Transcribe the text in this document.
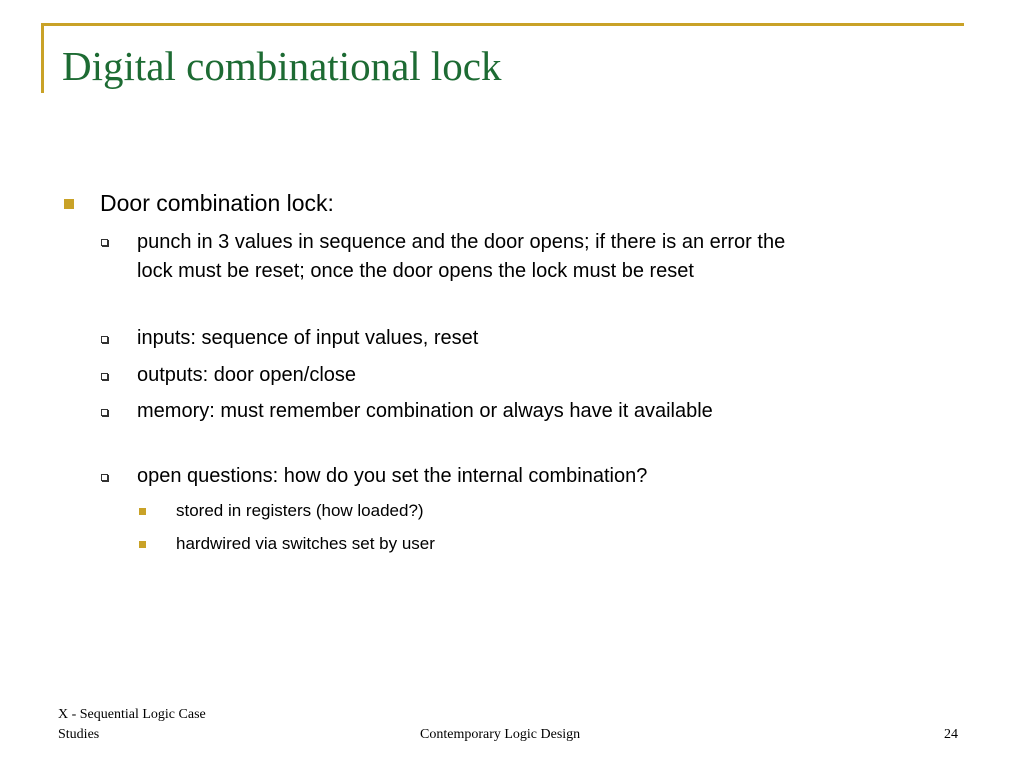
Digital combinational lock
Door combination lock:
punch in 3 values in sequence and the door opens; if there is an error the
lock must be reset; once the door opens the lock must be reset
inputs: sequence of input values, reset
outputs: door open/close
memory: must remember combination or always have it available
open questions: how do you set the internal combination?
stored in registers (how loaded?)
hardwired via switches set by user
X - Sequential Logic Case
Studies	Contemporary Logic Design	24
